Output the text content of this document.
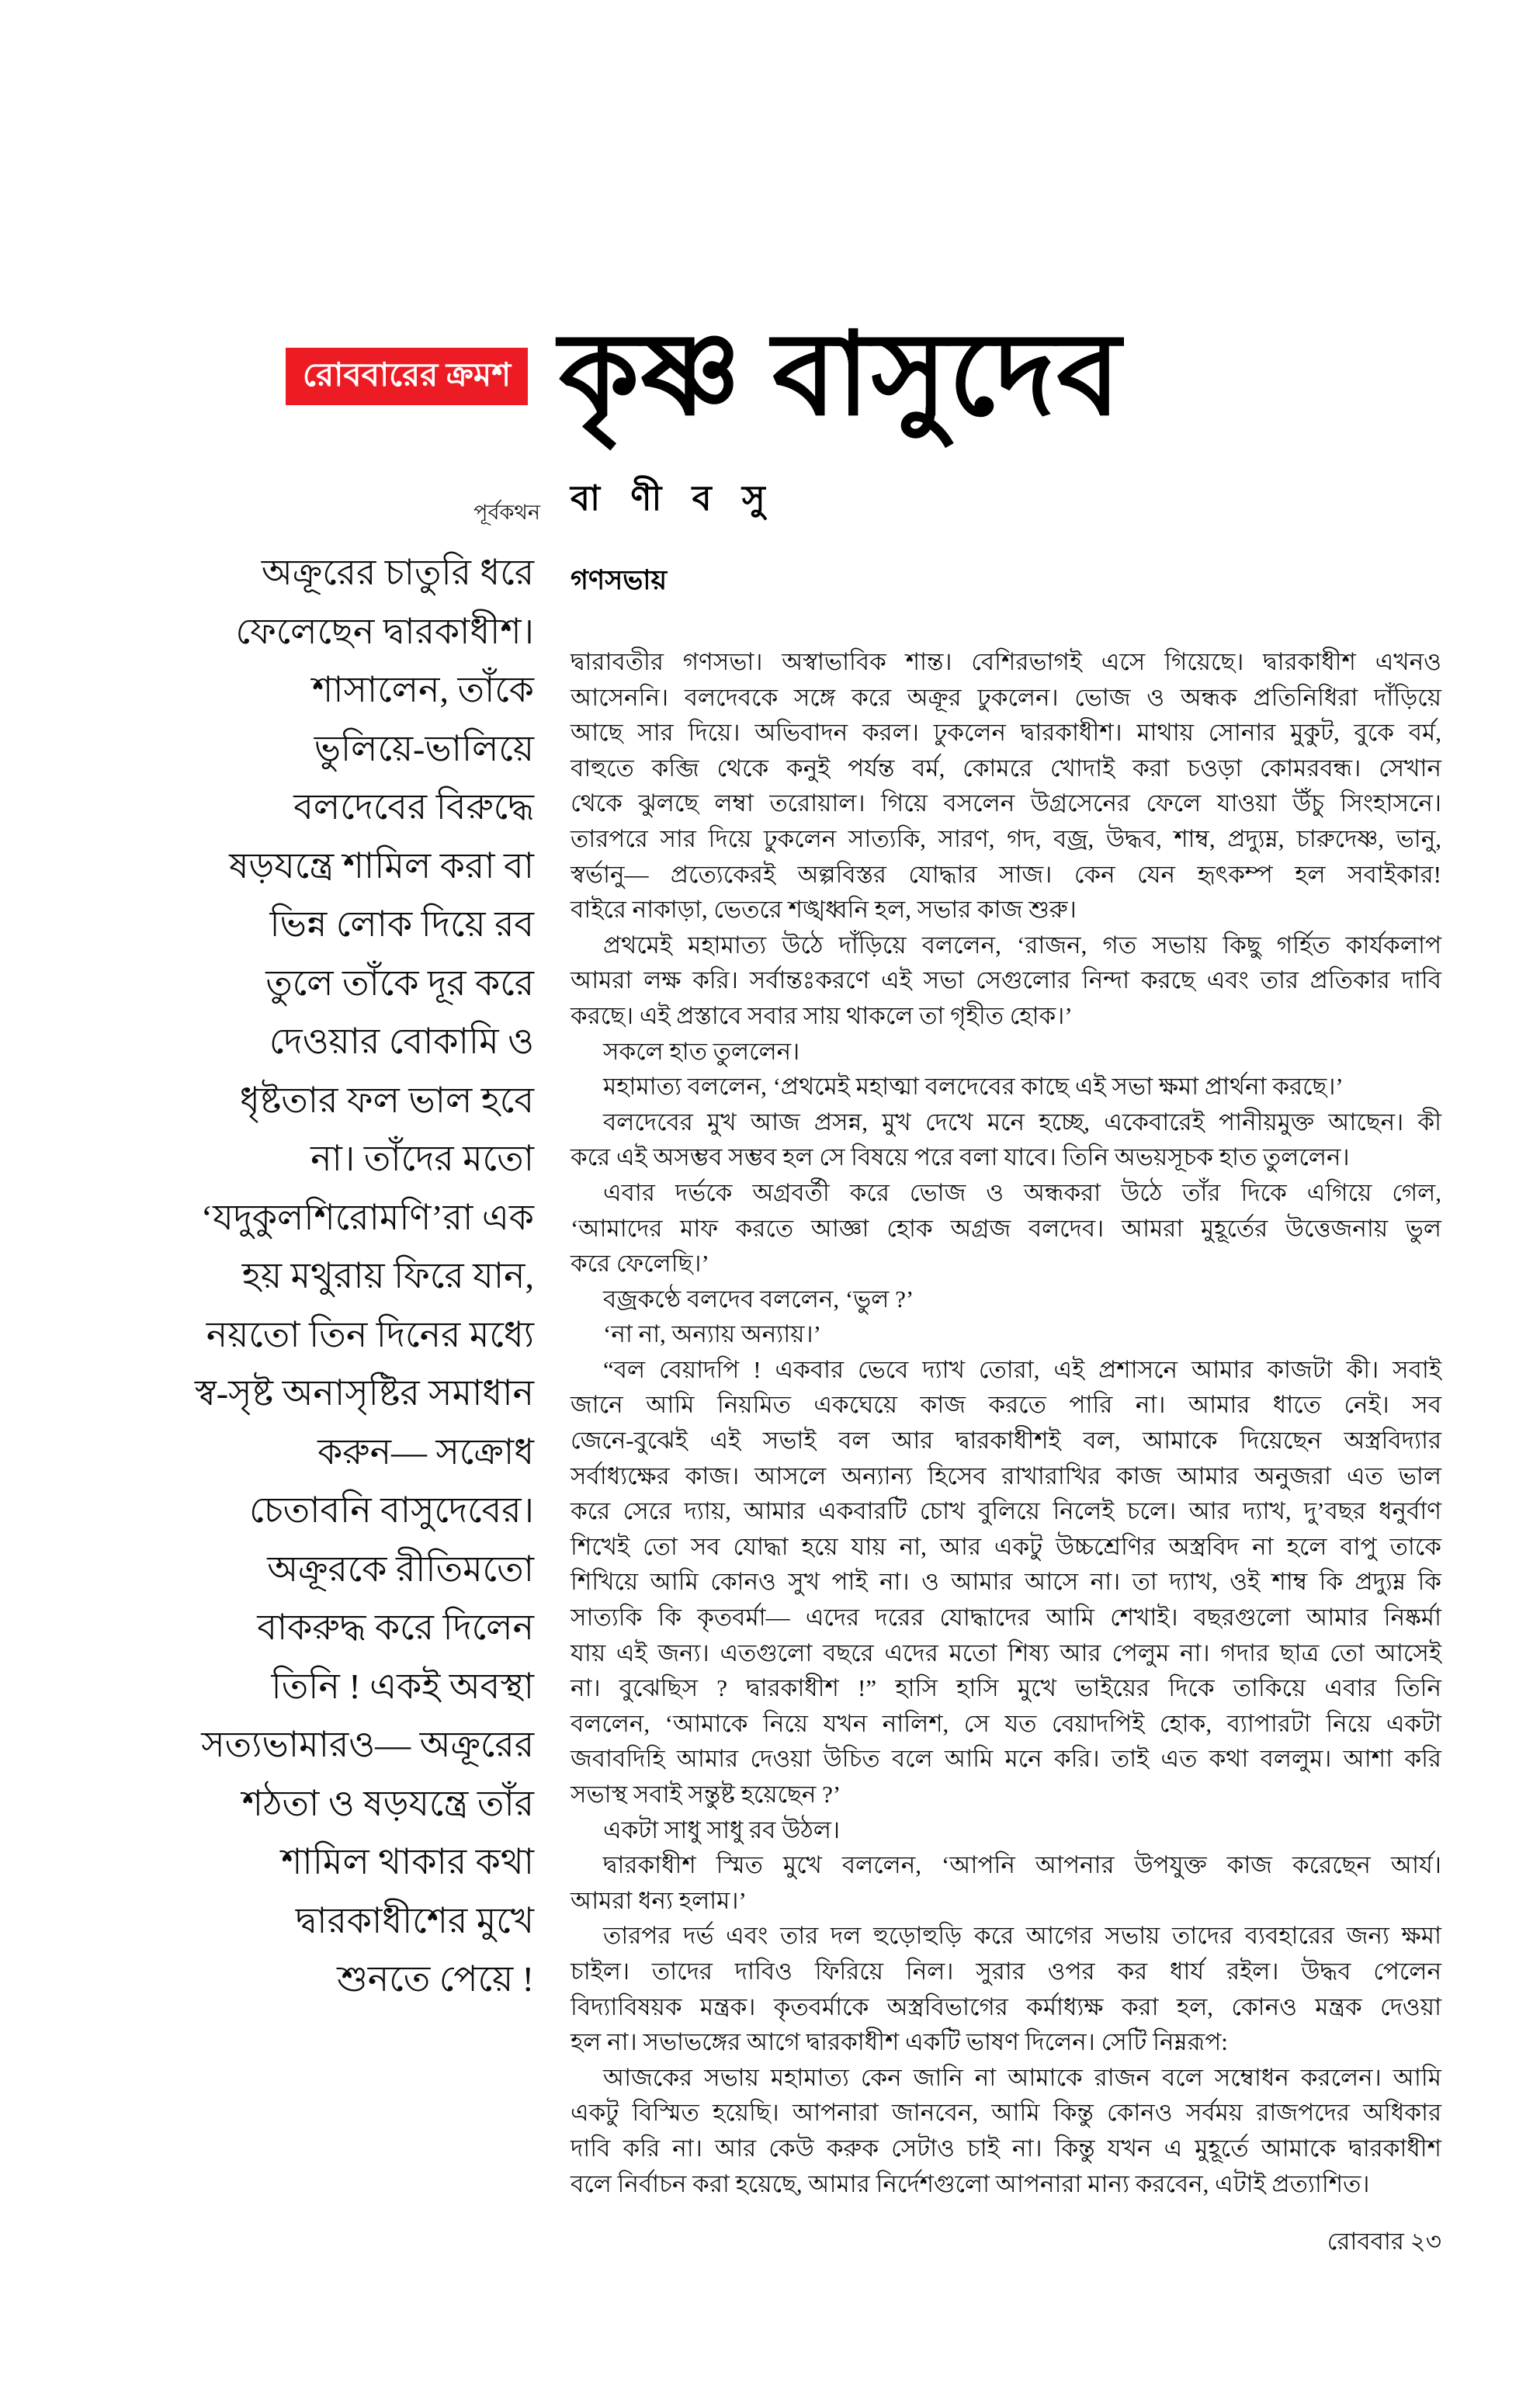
রোববারের ক্রমশ কৃষ্ণ বাসুদেব
পূর্বকথন বা ণী ব সু
গণসভায়
অক্রূরের চাতুরি ধরে
ফেলেছেন দ্বারকাধীশ।
শাসালেন, তাঁকে
ভুলিয়ে-ভালিয়ে
বলদেবের বিরুদ্ধে
ষড়যন্ত্রে শামিল করা বা
ভিন্ন লোক দিয়ে রব
তুলে তাঁকে দূর করে
দেওয়ার বোকামি ও
ধৃষ্টতার ফল ভাল হবে
না। তাঁদের মতো
‘যদুকুলশিরোমণি’রা এক
হয় মথুরায় ফিরে যান,
নয়তো তিন দিনের মধ্যে
স্ব-সৃষ্ট অনাসৃষ্টির সমাধান
করুন— সক্রোধ
চেতাবনি বাসুদেবের।
অক্রূরকে রীতিমতো
বাকরুদ্ধ করে দিলেন
তিনি ! একই অবস্থা
সত্যভামারও— অক্রূরের
শঠতা ও ষড়যন্ত্রে তাঁর
শামিল থাকার কথা
দ্বারকাধীশের মুখে
শুনতে পেয়ে !
দ্বারাবতীর গণসভা। অস্বাভাবিক শান্ত। বেশিরভাগই এসে গিয়েছে। দ্বারকাধীশ এখনও
আসেননি। বলদেবকে সঙ্গে করে অক্রূর ঢুকলেন। ভোজ ও অন্ধক প্রতিনিধিরা দাঁড়িয়ে
আছে সার দিয়ে। অভিবাদন করল। ঢুকলেন দ্বারকাধীশ। মাথায় সোনার মুকুট, বুকে বর্ম,
বাহুতে কব্জি থেকে কনুই পর্যন্ত বর্ম, কোমরে খোদাই করা চওড়া কোমরবন্ধ। সেখান
থেকে ঝুলছে লম্বা তরোয়াল। গিয়ে বসলেন উগ্রসেনের ফেলে যাওয়া উঁচু সিংহাসনে।
তারপরে সার দিয়ে ঢুকলেন সাত্যকি, সারণ, গদ, বজ্র, উদ্ধব, শাম্ব, প্রদ্যুম্ন, চারুদেষ্ণ, ভানু,
স্বর্ভানু— প্রত্যেকেরই অল্পবিস্তর যোদ্ধার সাজ। কেন যেন হৃৎকম্প হল সবাইকার!
বাইরে নাকাড়া, ভেতরে শঙ্খধ্বনি হল, সভার কাজ শুরু।
প্রথমেই মহামাত্য উঠে দাঁড়িয়ে বললেন, ‘রাজন, গত সভায় কিছু গর্হিত কার্যকলাপ
আমরা লক্ষ করি। সর্বান্তঃকরণে এই সভা সেগুলোর নিন্দা করছে এবং তার প্রতিকার দাবি
করছে। এই প্রস্তাবে সবার সায় থাকলে তা গৃহীত হোক।’
সকলে হাত তুললেন।
মহামাত্য বললেন, ‘প্রথমেই মহাত্মা বলদেবের কাছে এই সভা ক্ষমা প্রার্থনা করছে।’
বলদেবের মুখ আজ প্রসন্ন, মুখ দেখে মনে হচ্ছে, একেবারেই পানীয়মুক্ত আছেন। কী
করে এই অসম্ভব সম্ভব হল সে বিষয়ে পরে বলা যাবে। তিনি অভয়সূচক হাত তুললেন।
এবার দর্ভকে অগ্রবর্তী করে ভোজ ও অন্ধকরা উঠে তাঁর দিকে এগিয়ে গেল,
‘আমাদের মাফ করতে আজ্ঞা হোক অগ্রজ বলদেব। আমরা মুহূর্তের উত্তেজনায় ভুল
করে ফেলেছি।’
বজ্রকণ্ঠে বলদেব বললেন, ‘ভুল ?’
‘না না, অন্যায় অন্যায়।’
“বল বেয়াদপি ! একবার ভেবে দ্যাখ তোরা, এই প্রশাসনে আমার কাজটা কী। সবাই
জানে আমি নিয়মিত একঘেয়ে কাজ করতে পারি না। আমার ধাতে নেই। সব
জেনে-বুঝেই এই সভাই বল আর দ্বারকাধীশই বল, আমাকে দিয়েছেন অস্ত্রবিদ্যার
সর্বাধ্যক্ষের কাজ। আসলে অন্যান্য হিসেব রাখারাখির কাজ আমার অনুজরা এত ভাল
করে সেরে দ্যায়, আমার একবারটি চোখ বুলিয়ে নিলেই চলে। আর দ্যাখ, দু’বছর ধনুর্বাণ
শিখেই তো সব যোদ্ধা হয়ে যায় না, আর একটু উচ্চশ্রেণির অস্ত্রবিদ না হলে বাপু তাকে
শিখিয়ে আমি কোনও সুখ পাই না। ও আমার আসে না। তা দ্যাখ, ওই শাম্ব কি প্রদ্যুম্ন কি
সাত্যকি কি কৃতবর্মা— এদের দরের যোদ্ধাদের আমি শেখাই। বছরগুলো আমার নিষ্কর্মা
যায় এই জন্য। এতগুলো বছরে এদের মতো শিষ্য আর পেলুম না। গদার ছাত্র তো আসেই
না। বুঝেছিস ? দ্বারকাধীশ !” হাসি হাসি মুখে ভাইয়ের দিকে তাকিয়ে এবার তিনি
বললেন, ‘আমাকে নিয়ে যখন নালিশ, সে যত বেয়াদপিই হোক, ব্যাপারটা নিয়ে একটা
জবাবদিহি আমার দেওয়া উচিত বলে আমি মনে করি। তাই এত কথা বললুম। আশা করি
সভাস্থ সবাই সন্তুষ্ট হয়েছেন ?’
একটা সাধু সাধু রব উঠল।
দ্বারকাধীশ স্মিত মুখে বললেন, ‘আপনি আপনার উপযুক্ত কাজ করেছেন আর্য।
আমরা ধন্য হলাম।’
তারপর দর্ভ এবং তার দল হুড়োহুড়ি করে আগের সভায় তাদের ব্যবহারের জন্য ক্ষমা
চাইল। তাদের দাবিও ফিরিয়ে নিল। সুরার ওপর কর ধার্য রইল। উদ্ধব পেলেন
বিদ্যাবিষয়ক মন্ত্রক। কৃতবর্মাকে অস্ত্রবিভাগের কর্মাধ্যক্ষ করা হল, কোনও মন্ত্রক দেওয়া
হল না। সভাভঙ্গের আগে দ্বারকাধীশ একটি ভাষণ দিলেন। সেটি নিম্নরূপ:
আজকের সভায় মহামাত্য কেন জানি না আমাকে রাজন বলে সম্বোধন করলেন। আমি
একটু বিস্মিত হয়েছি। আপনারা জানবেন, আমি কিন্তু কোনও সর্বময় রাজপদের অধিকার
দাবি করি না। আর কেউ করুক সেটাও চাই না। কিন্তু যখন এ মুহূর্তে আমাকে দ্বারকাধীশ
বলে নির্বাচন করা হয়েছে, আমার নির্দেশগুলো আপনারা মান্য করবেন, এটাই প্রত্যাশিত।
রোববার ২৩
